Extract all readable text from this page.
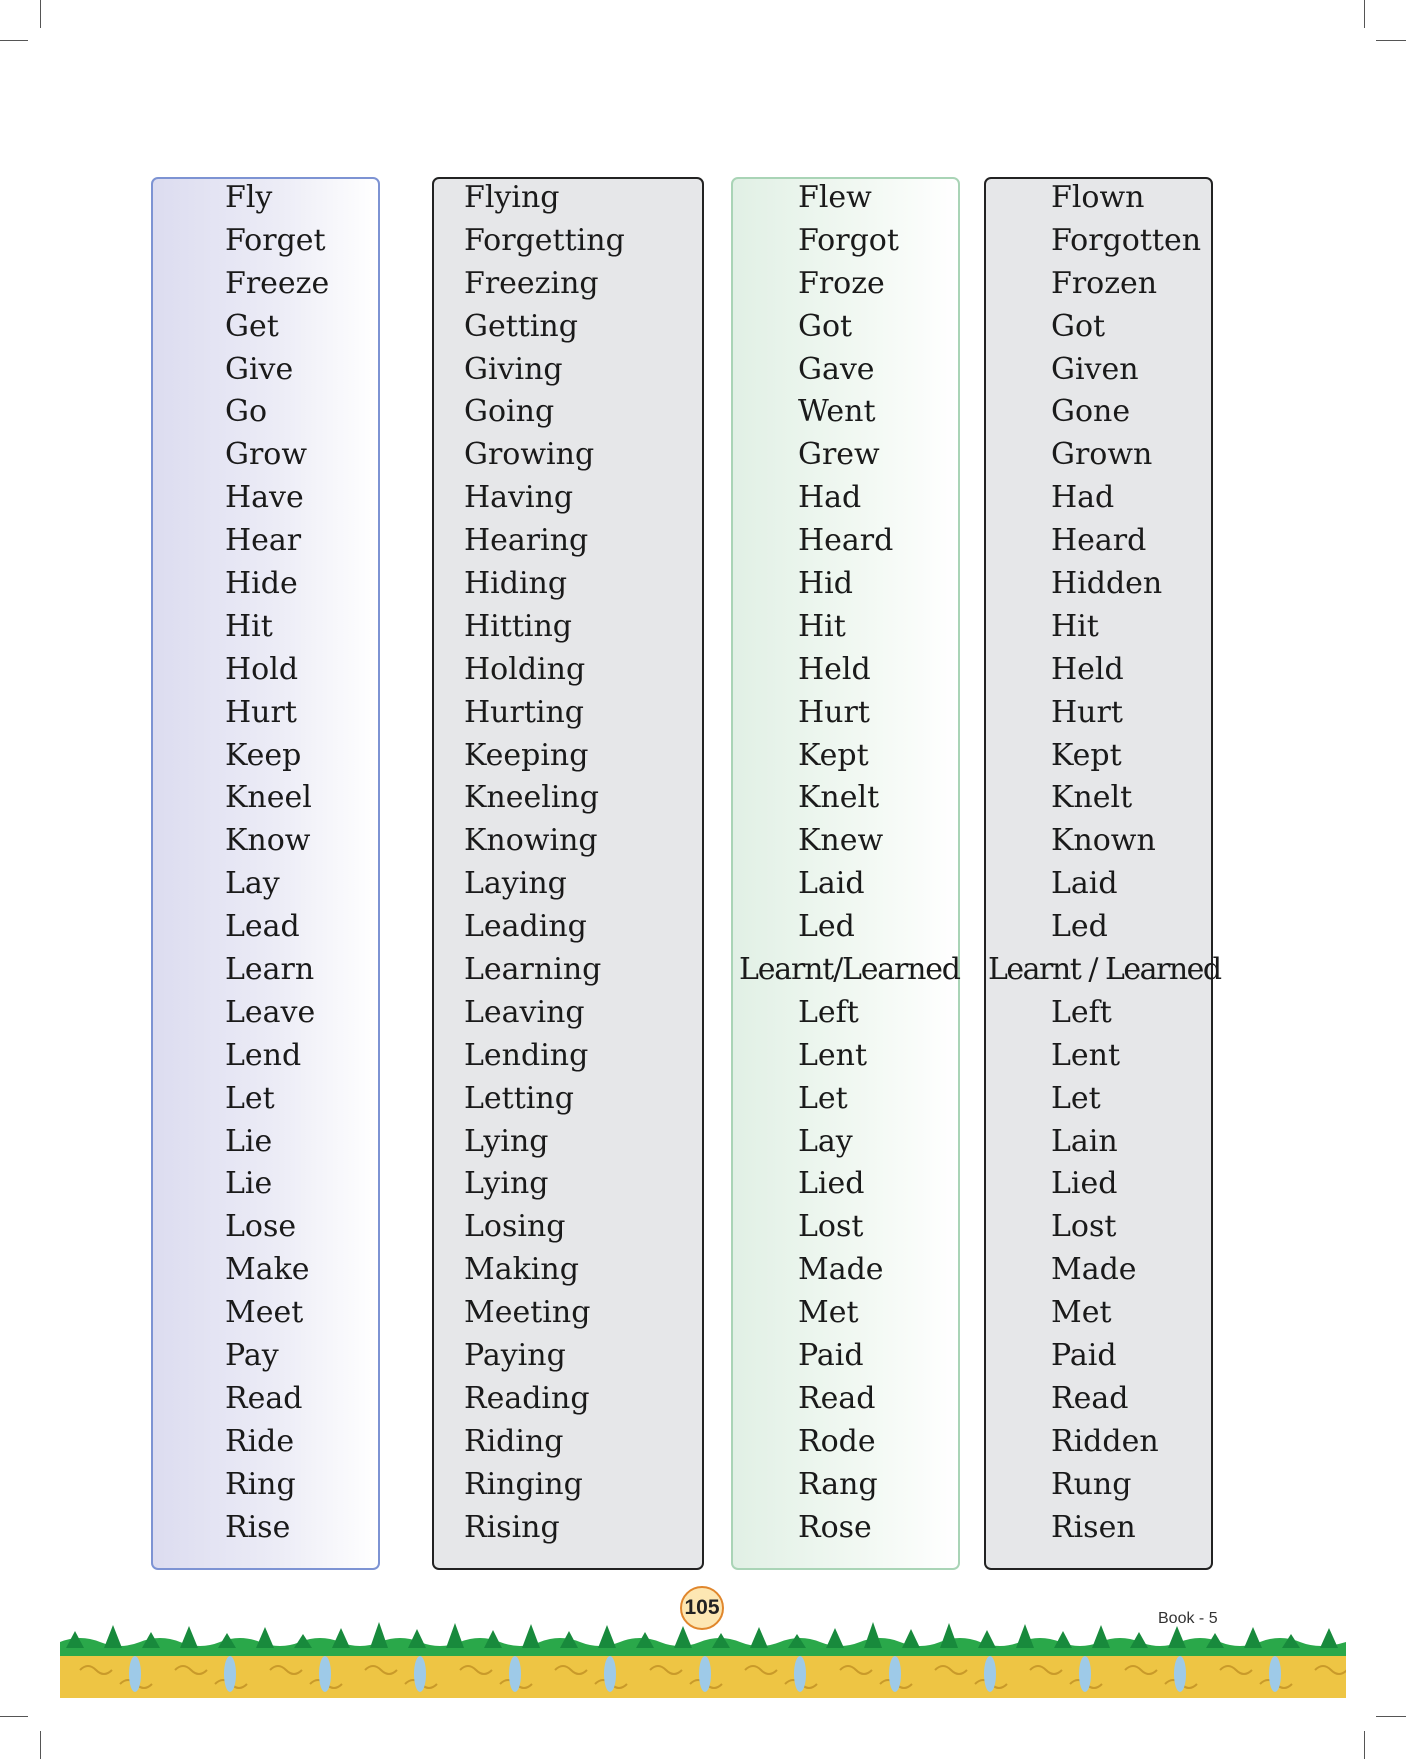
Fly
Forget
Freeze
Get
Give
Go
Grow
Have
Hear
Hide
Hit
Hold
Hurt
Keep
Kneel
Know
Lay
Lead
Learn
Leave
Lend
Let
Lie
Lie
Lose
Make
Meet
Pay
Read
Ride
Ring
Rise
Flying
Forgetting
Freezing
Getting
Giving
Going
Growing
Having
Hearing
Hiding
Hitting
Holding
Hurting
Keeping
Kneeling
Knowing
Laying
Leading
Learning
Leaving
Lending
Letting
Lying
Lying
Losing
Making
Meeting
Paying
Reading
Riding
Ringing
Rising
Flew
Forgot
Froze
Got
Gave
Went
Grew
Had
Heard
Hid
Hit
Held
Hurt
Kept
Knelt
Knew
Laid
Led
Learnt/Learned
Left
Lent
Let
Lay
Lied
Lost
Made
Met
Paid
Read
Rode
Rang
Rose
Flown
Forgotten
Frozen
Got
Given
Gone
Grown
Had
Heard
Hidden
Hit
Held
Hurt
Kept
Knelt
Known
Laid
Led
Learnt / Learned
Left
Lent
Let
Lain
Lied
Lost
Made
Met
Paid
Read
Ridden
Rung
Risen
105	Book - 5
